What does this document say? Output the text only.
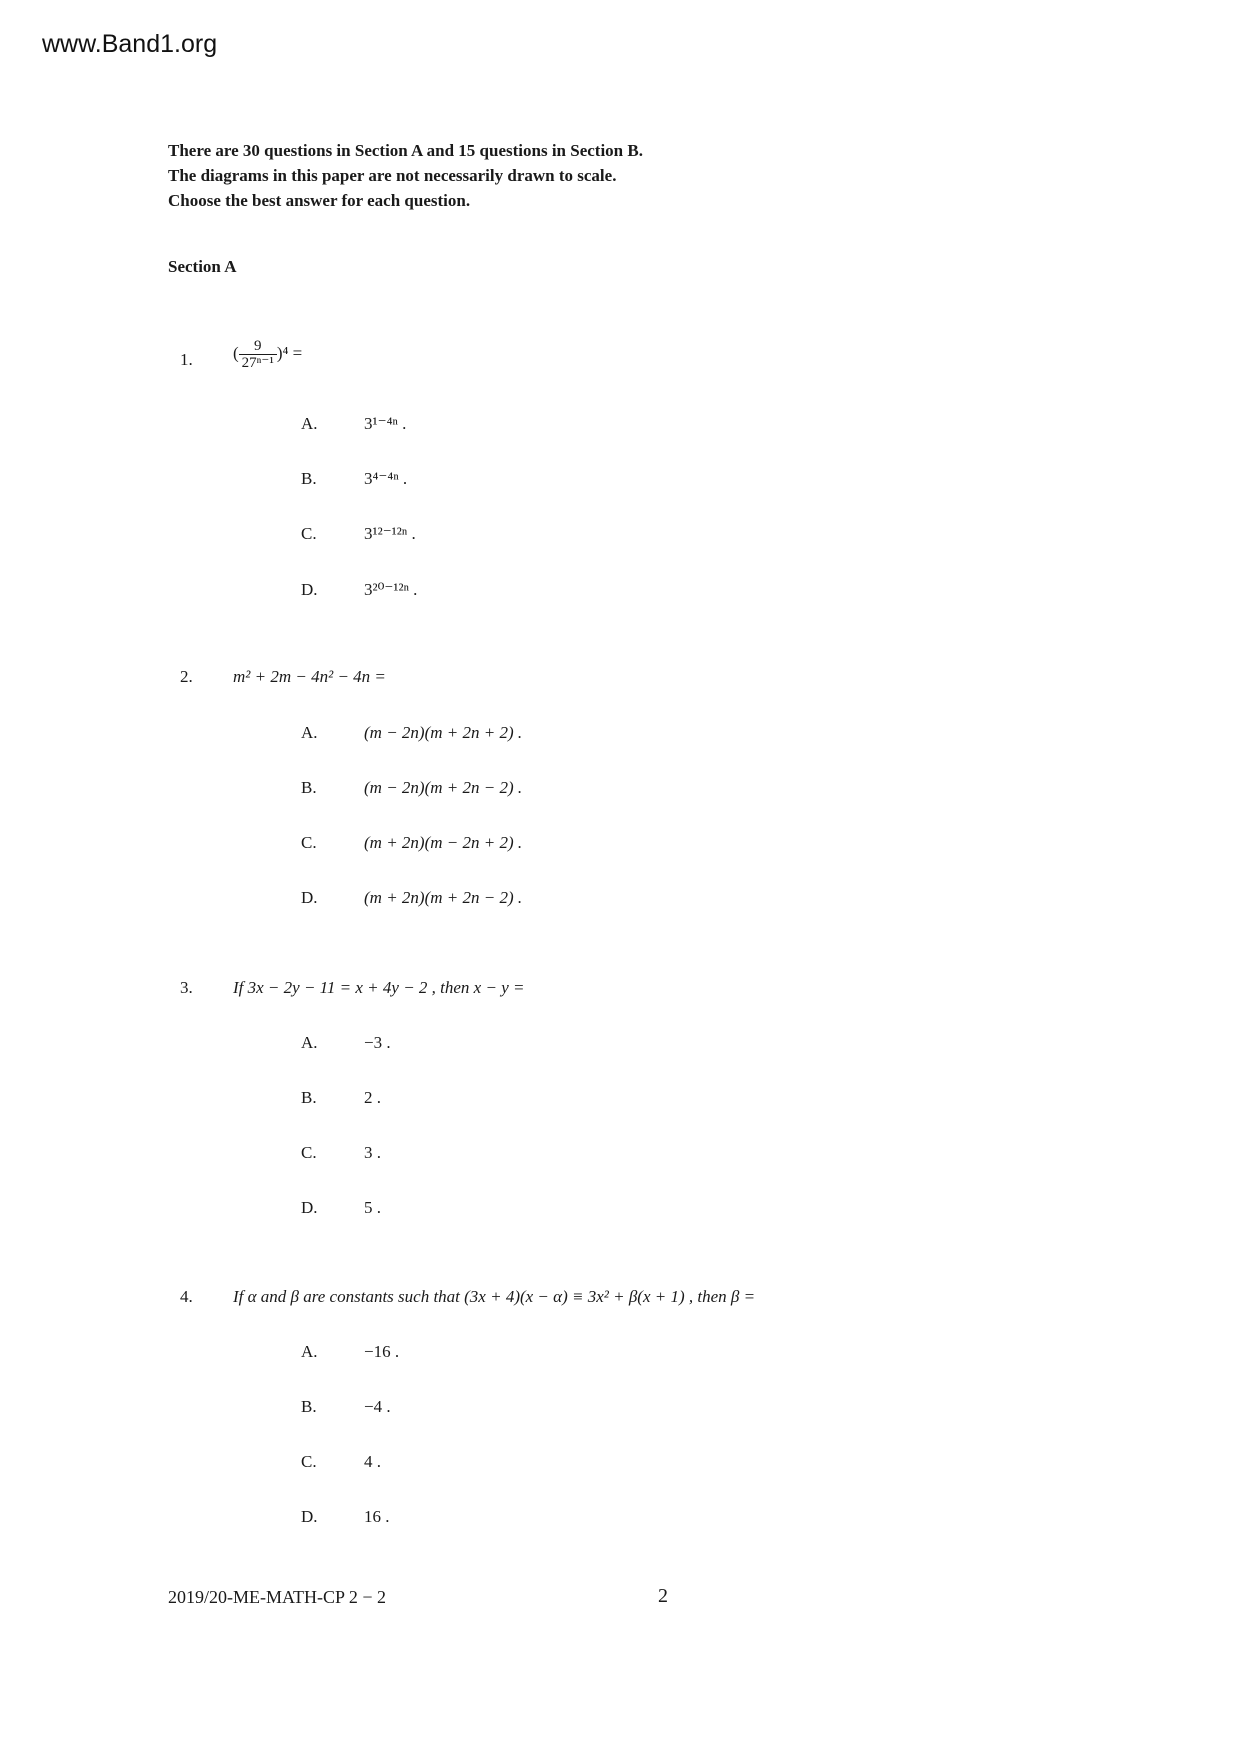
www.Band1.org
There are 30 questions in Section A and 15 questions in Section B.
The diagrams in this paper are not necessarily drawn to scale.
Choose the best answer for each question.
Section A
1. ( $\frac{9}{\text{27ⁿ⁻¹}} )^4$ =
A.	3¹⁻⁴ⁿ .
B.	3⁴⁻⁴ⁿ .
C.	3¹²⁻¹²ⁿ .
D.	3²⁰⁻¹²ⁿ .
2. m² + 2m − 4n² − 4n =
A.	(m − 2n)(m + 2n + 2) .
B.	(m − 2n)(m + 2n − 2) .
C.	(m + 2n)(m − 2n + 2) .
D.	(m + 2n)(m + 2n − 2) .
3. If 3x − 2y − 11 = x + 4y − 2 , then x − y =
A.	−3 .
B.	2 .
C.	3 .
D.	5 .
4. If α and β are constants such that (3x + 4)(x − α) ≡ 3x² + β(x + 1) , then β =
A.	−16 .
B.	−4 .
C.	4 .
D.	16 .
2019/20-ME-MATH-CP 2 − 2	2
